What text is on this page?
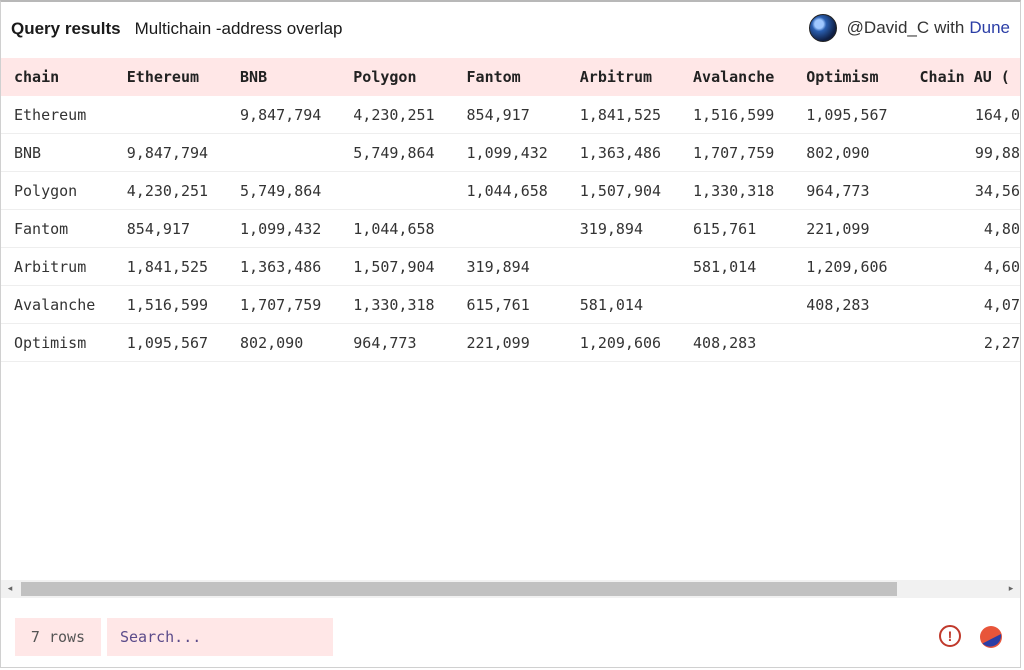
Query results Multichain -address overlap	@David_C with Dune
chain	Ethereum	BNB	Polygon	Fantom	Arbitrum	Avalanche	Optimism	Chain AU (
Ethereum		9,847,794	4,230,251	854,917	1,841,525	1,516,599	1,095,567	164,0
BNB	9,847,794		5,749,864	1,099,432	1,363,486	1,707,759	802,090	99,88
Polygon	4,230,251	5,749,864		1,044,658	1,507,904	1,330,318	964,773	34,56
Fantom	854,917	1,099,432	1,044,658		319,894	615,761	221,099	4,80
Arbitrum	1,841,525	1,363,486	1,507,904	319,894		581,014	1,209,606	4,60
Avalanche	1,516,599	1,707,759	1,330,318	615,761	581,014		408,283	4,07
Optimism	1,095,567	802,090	964,773	221,099	1,209,606	408,283		2,27
◂	▸
7 rows
Search...	!
